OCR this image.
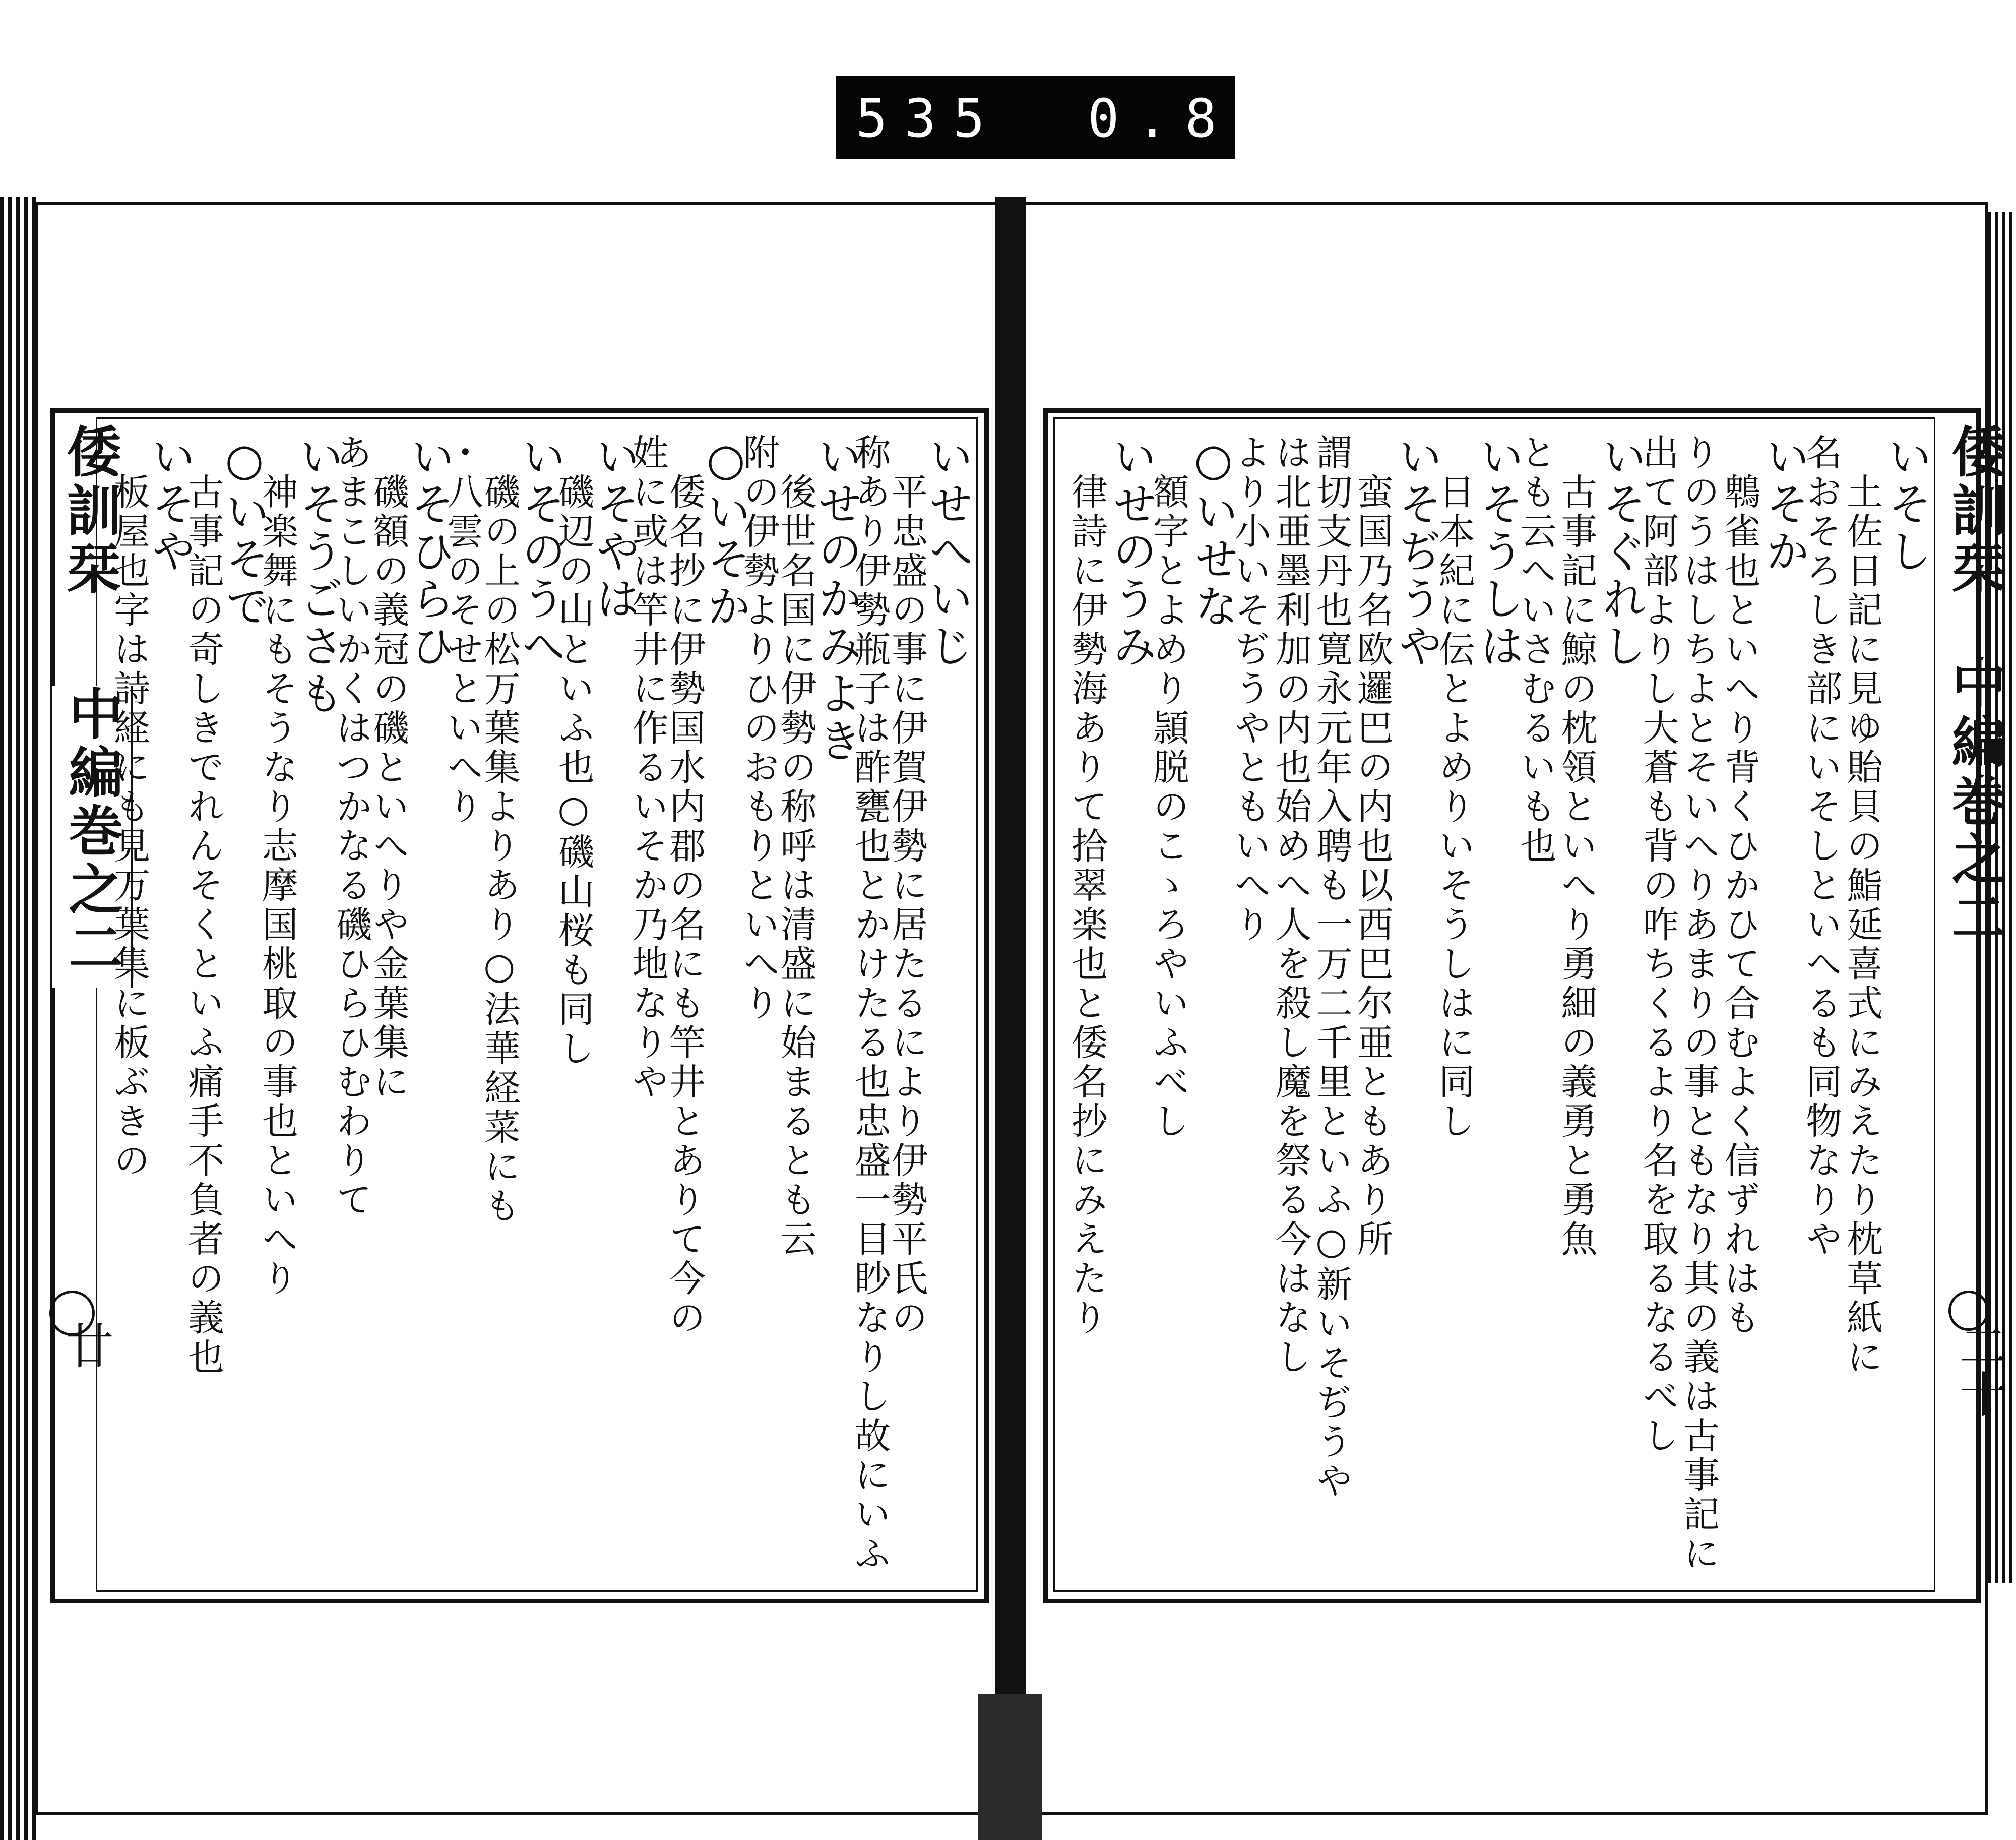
535 0.83
倭訓栞
中編巻之二
廿
倭訓栞
中編巻之二
二十
いせへいじ
　平忠盛の事に伊賀伊勢に居たるにより伊勢平氏の
称あり伊勢瓶子は酢甕也とかけたる也忠盛一目眇なりし故にいふ
いせのかみよき
　後世名国に伊勢の称呼は清盛に始まるとも云
附の伊勢よりひのおもりといへり
○いそか
　倭名抄に伊勢国水内郡の名にも竿井とありて今の
姓に或は竿井に作るいそか乃地なりや
いそやは
　磯辺の山といふ也○磯山桜も同し
いそのうへ
　磯の上の松万葉集よりあり○法華経菜にも
・八雲のそせといへり
いそひらひ
　磯額の義冠の磯といへりや金葉集に
あまこしいかくはつかなる磯ひらひむわりて
いそうごさも
　神楽舞にもそうなり志摩国桃取の事也といへり
○いそで
　古事記の奇しきでれんそくといふ痛手不負者の義也
いそや
　板屋也字は詩経にも見万葉集に板ぶきの	いそし
　土佐日記に見ゆ貽貝の鮨延喜式にみえたり枕草紙に
名おそろしき部にいそしといへるも同物なりや
いそか
　鵯雀也といへり背くひかひて合むよく信ずれはも
りのうはしちよとそいへりあまりの事ともなり其の義は古事記に
出て阿部よりし大蒼も背の咋ちくるより名を取るなるべし
いそぐれし
　古事記に鯨の枕領といへり勇細の義勇と勇魚
とも云へいさむるいも也
いそうしは
　日本紀に伝とよめりいそうしはに同し
いそぢうや
　蛮国乃名欧邏巴の内也以西巴尔亜ともあり所
謂切支丹也寛永元年入聘も一万二千里といふ○新いそぢうや
は北亜墨利加の内也始めへ人を殺し魔を祭る今はなし
より小いそぢうやともいへり
○いせな
　額字とよめり頴脱のこゝろやいふべし
いせのうみ
　律詩に伊勢海ありて拾翠楽也と倭名抄にみえたり
